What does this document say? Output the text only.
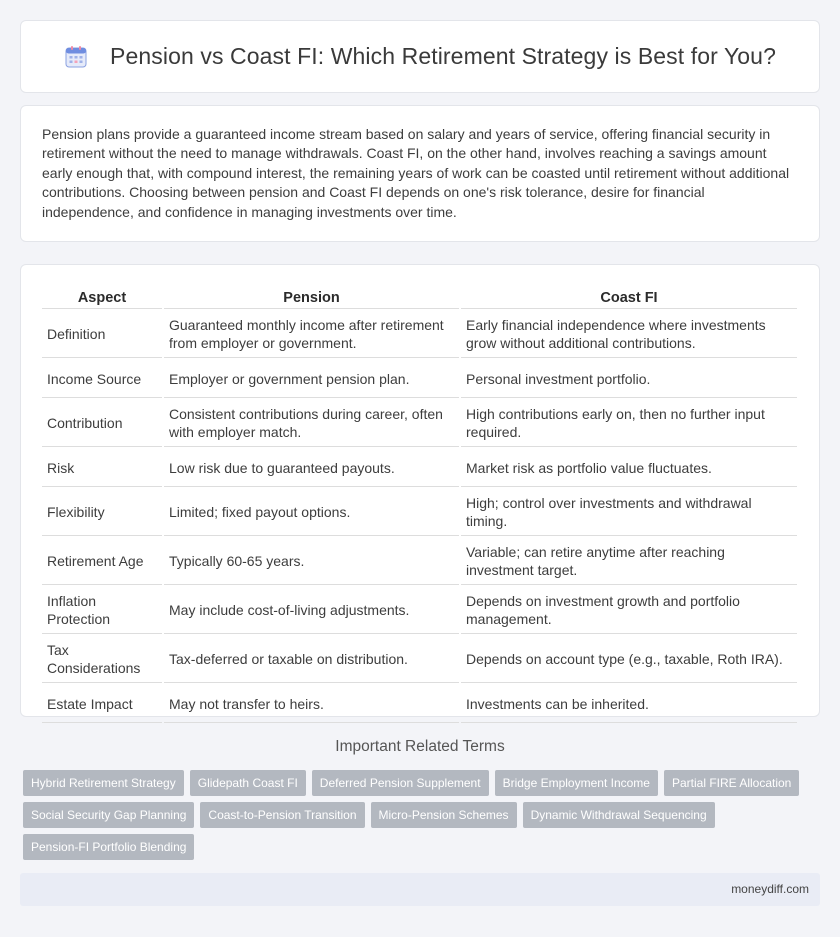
Pension vs Coast FI: Which Retirement Strategy is Best for You?

Pension plans provide a guaranteed income stream based on salary and years of service, offering financial security in retirement without the need to manage withdrawals. Coast FI, on the other hand, involves reaching a savings amount early enough that, with compound interest, the remaining years of work can be coasted until retirement without additional contributions. Choosing between pension and Coast FI depends on one's risk tolerance, desire for financial independence, and confidence in managing investments over time.

Aspect	Pension	Coast FI
Definition	Guaranteed monthly income after retirement from employer or government.	Early financial independence where investments grow without additional contributions.
Income Source	Employer or government pension plan.	Personal investment portfolio.
Contribution	Consistent contributions during career, often with employer match.	High contributions early on, then no further input required.
Risk	Low risk due to guaranteed payouts.	Market risk as portfolio value fluctuates.
Flexibility	Limited; fixed payout options.	High; control over investments and withdrawal timing.
Retirement Age	Typically 60-65 years.	Variable; can retire anytime after reaching investment target.
Inflation Protection	May include cost-of-living adjustments.	Depends on investment growth and portfolio management.
Tax Considerations	Tax-deferred or taxable on distribution.	Depends on account type (e.g., taxable, Roth IRA).
Estate Impact	May not transfer to heirs.	Investments can be inherited.
Important Related Terms
Hybrid Retirement Strategy	Glidepath Coast FI	Deferred Pension Supplement	Bridge Employment Income	Partial FIRE Allocation
Social Security Gap Planning	Coast-to-Pension Transition	Micro-Pension Schemes	Dynamic Withdrawal Sequencing
Pension-FI Portfolio Blending
moneydiff.com
